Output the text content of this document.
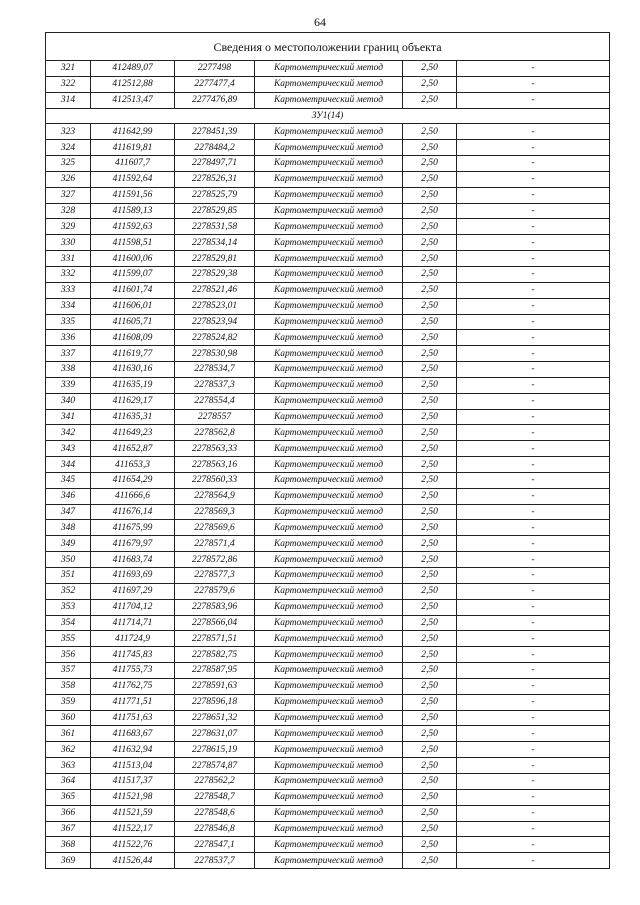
64
Сведения о местоположении границ объекта					
321	412489,07	2277498	Картометрический метод	2,50	-
322	412512,88	2277477,4	Картометрический метод	2,50	-
314	412513,47	2277476,89	Картометрический метод	2,50	-
ЗУ1(14)					
323	411642,99	2278451,39	Картометрический метод	2,50	-
324	411619,81	2278484,2	Картометрический метод	2,50	-
325	411607,7	2278497,71	Картометрический метод	2,50	-
326	411592,64	2278526,31	Картометрический метод	2,50	-
327	411591,56	2278525,79	Картометрический метод	2,50	-
328	411589,13	2278529,85	Картометрический метод	2,50	-
329	411592,63	2278531,58	Картометрический метод	2,50	-
330	411598,51	2278534,14	Картометрический метод	2,50	-
331	411600,06	2278529,81	Картометрический метод	2,50	-
332	411599,07	2278529,38	Картометрический метод	2,50	-
333	411601,74	2278521,46	Картометрический метод	2,50	-
334	411606,01	2278523,01	Картометрический метод	2,50	-
335	411605,71	2278523,94	Картометрический метод	2,50	-
336	411608,09	2278524,82	Картометрический метод	2,50	-
337	411619,77	2278530,98	Картометрический метод	2,50	-
338	411630,16	2278534,7	Картометрический метод	2,50	-
339	411635,19	2278537,3	Картометрический метод	2,50	-
340	411629,17	2278554,4	Картометрический метод	2,50	-
341	411635,31	2278557	Картометрический метод	2,50	-
342	411649,23	2278562,8	Картометрический метод	2,50	-
343	411652,87	2278563,33	Картометрический метод	2,50	-
344	411653,3	2278563,16	Картометрический метод	2,50	-
345	411654,29	2278560,33	Картометрический метод	2,50	-
346	411666,6	2278564,9	Картометрический метод	2,50	-
347	411676,14	2278569,3	Картометрический метод	2,50	-
348	411675,99	2278569,6	Картометрический метод	2,50	-
349	411679,97	2278571,4	Картометрический метод	2,50	-
350	411683,74	2278572,86	Картометрический метод	2,50	-
351	411693,69	2278577,3	Картометрический метод	2,50	-
352	411697,29	2278579,6	Картометрический метод	2,50	-
353	411704,12	2278583,96	Картометрический метод	2,50	-
354	411714,71	2278566,04	Картометрический метод	2,50	-
355	411724,9	2278571,51	Картометрический метод	2,50	-
356	411745,83	2278582,75	Картометрический метод	2,50	-
357	411755,73	2278587,95	Картометрический метод	2,50	-
358	411762,75	2278591,63	Картометрический метод	2,50	-
359	411771,51	2278596,18	Картометрический метод	2,50	-
360	411751,63	2278651,32	Картометрический метод	2,50	-
361	411683,67	2278631,07	Картометрический метод	2,50	-
362	411632,94	2278615,19	Картометрический метод	2,50	-
363	411513,04	2278574,87	Картометрический метод	2,50	-
364	411517,37	2278562,2	Картометрический метод	2,50	-
365	411521,98	2278548,7	Картометрический метод	2,50	-
366	411521,59	2278548,6	Картометрический метод	2,50	-
367	411522,17	2278546,8	Картометрический метод	2,50	-
368	411522,76	2278547,1	Картометрический метод	2,50	-
369	411526,44	2278537,7	Картометрический метод	2,50	-
